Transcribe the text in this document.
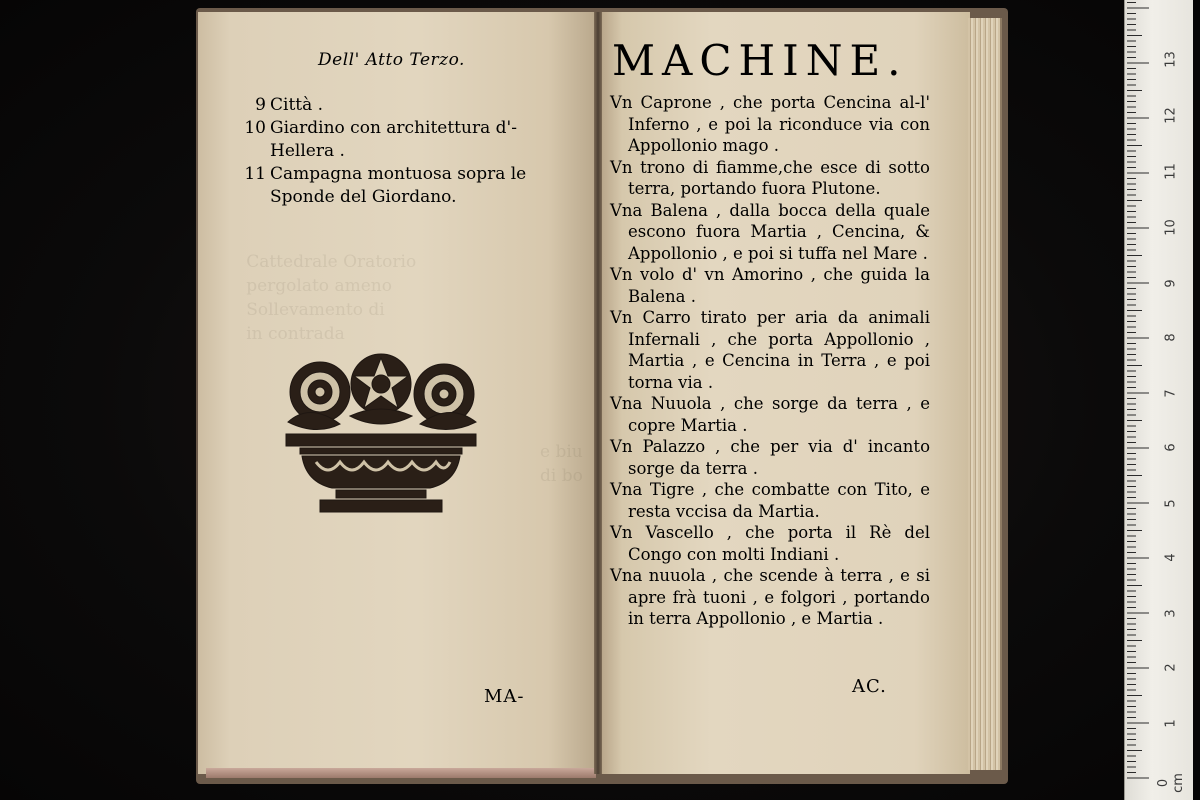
Cattedrale Oratorio
pergolato ameno
Sollevamento di
in contrada
e biu
di bo
Dell' Atto Terzo.
9 Città .
10 Giardino con architettura d'-
Hellera .
11 Campagna montuosa sopra le
Sponde del Giordano.
MA-
MACHINE.
Vn Caprone , che porta Cencina al-l' Inferno , e poi la riconduce via con Appollonio mago .
Vn trono di fiamme,che esce di sotto terra, portando fuora Plutone.
Vna Balena , dalla bocca della quale escono fuora Martia , Cencina, & Appollonio , e poi si tuffa nel Mare .
Vn volo d' vn Amorino , che guida la Balena .
Vn Carro tirato per aria da animali Infernali , che porta Appollonio , Martia , e Cencina in Terra , e poi torna via .
Vna Nuuola , che sorge da terra , e copre Martia .
Vn Palazzo , che per via d' incanto sorge da terra .
Vna Tigre , che combatte con Tito, e resta vccisa da Martia.
Vn Vascello , che porta il Rè del Congo con molti Indiani .
Vna nuuola , che scende à terra , e si apre frà tuoni , e folgori , portando in terra Appollonio , e Martia .
AC.
0 cm
1
2
3
4
5
6
7
8
9
10
11
12
13
